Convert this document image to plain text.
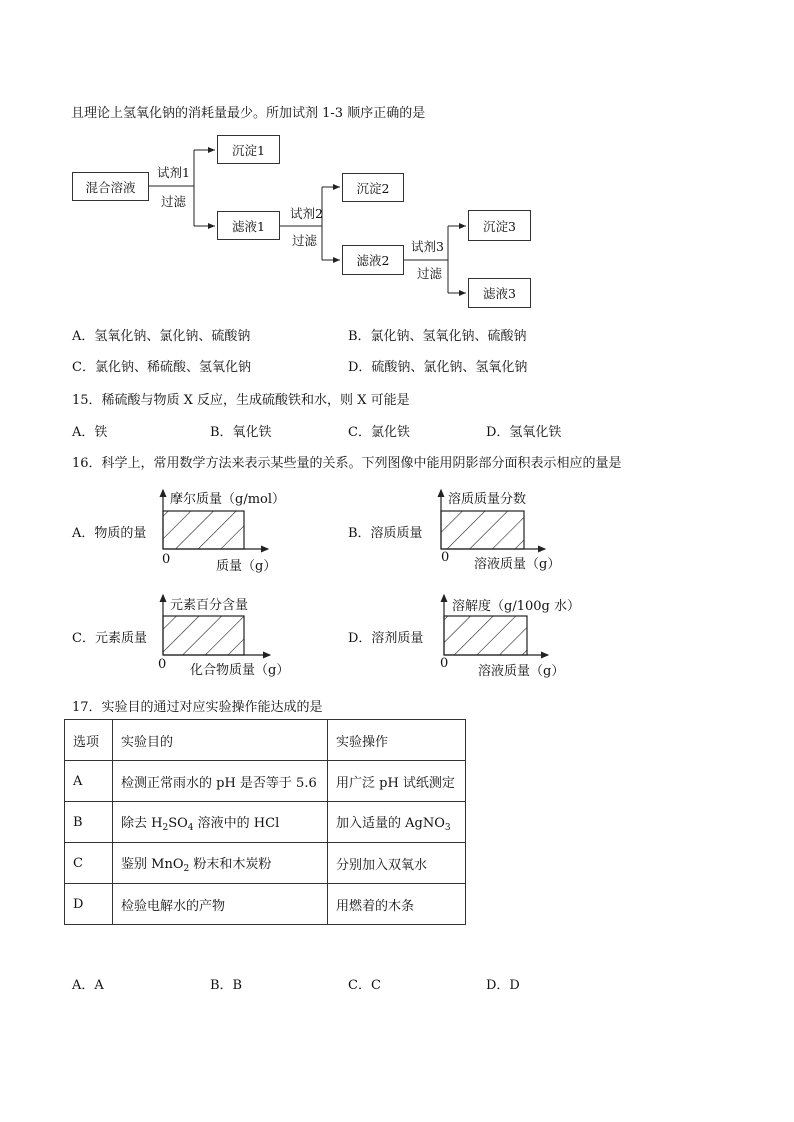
且理论上氢氧化钠的消耗量最少。所加试剂 1-3 顺序正确的是
混合溶液
沉淀1
滤液1
沉淀2
滤液2
沉淀3
滤液3
试剂1
过滤
试剂2
过滤	试剂3
过滤
A．氢氧化钠、氯化钠、硫酸钠	B．氯化钠、氢氧化钠、硫酸钠
C．氯化钠、稀硫酸、氢氧化钠	D．硫酸钠、氯化钠、氢氧化钠
15．稀硫酸与物质 X 反应，生成硫酸铁和水，则 X 可能是
A．铁	B．氧化铁	C．氯化铁	D．氢氧化铁
16．科学上，常用数学方法来表示某些量的关系。下列图像中能用阴影部分面积表示相应的量是
A．物质的量
摩尔质量（g/mol）
质量（g）
0
B．溶质质量
溶质质量分数
溶液质量（g）
0
C．元素质量
元素百分含量
化合物质量（g）
0
D．溶剂质量
溶解度（g/100g 水）
溶液质量（g）
0
17．实验目的通过对应实验操作能达成的是
选项	实验目的	实验操作
A	检测正常雨水的 pH 是否等于 5.6	用广泛 pH 试纸测定
B	除去 $H_2SO_4$ 溶液中的 HCl	加入适量的 AgNO$_3$
C	鉴别 MnO$_2$ 粉末和木炭粉	分别加入双氧水
D	检验电解水的产物	用燃着的木条
A．A	B．B	C．C	D．D
